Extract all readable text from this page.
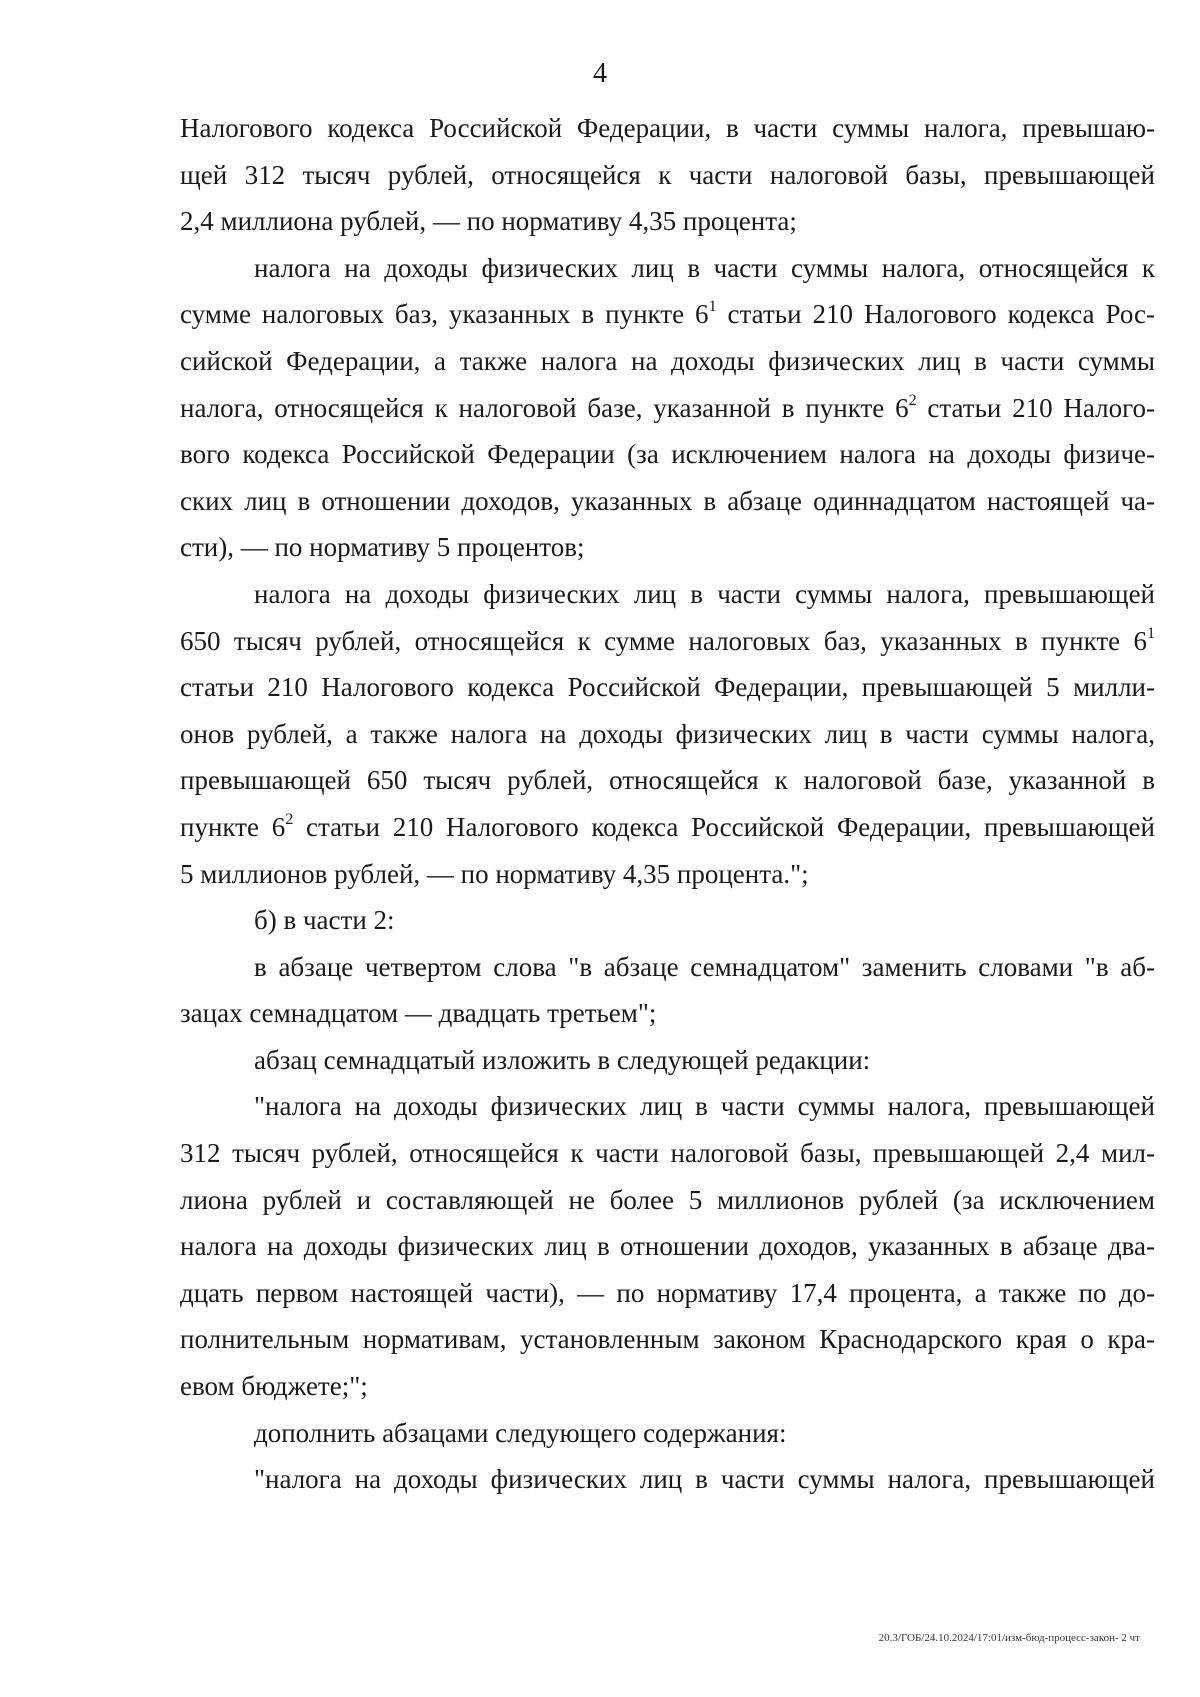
4

Налогового кодекса Российской Федерации, в части суммы налога, превышаю-
щей 312 тысяч рублей, относящейся к части налоговой базы, превышающей
2,4 миллиона рублей, — по нормативу 4,35 процента;

налога на доходы физических лиц в части суммы налога, относящейся к
сумме налоговых баз, указанных в пункте $6^1$ статьи 210 Налогового кодекса Рос-
сийской Федерации, а также налога на доходы физических лиц в части суммы
налога, относящейся к налоговой базе, указанной в пункте $6^2$ статьи 210 Налого-
вого кодекса Российской Федерации (за исключением налога на доходы физиче-
ских лиц в отношении доходов, указанных в абзаце одиннадцатом настоящей ча-
сти), — по нормативу 5 процентов;

налога на доходы физических лиц в части суммы налога, превышающей
650 тысяч рублей, относящейся к сумме налоговых баз, указанных в пункте $6^1$
статьи 210 Налогового кодекса Российской Федерации, превышающей 5 милли-
онов рублей, а также налога на доходы физических лиц в части суммы налога,
превышающей 650 тысяч рублей, относящейся к налоговой базе, указанной в
пункте $6^2$ статьи 210 Налогового кодекса Российской Федерации, превышающей
5 миллионов рублей, — по нормативу 4,35 процента.";

б) в части 2:

в абзаце четвертом слова "в абзаце семнадцатом" заменить словами "в аб-
зацах семнадцатом — двадцать третьем";

абзац семнадцатый изложить в следующей редакции:

"налога на доходы физических лиц в части суммы налога, превышающей
312 тысяч рублей, относящейся к части налоговой базы, превышающей 2,4 мил-
лиона рублей и составляющей не более 5 миллионов рублей (за исключением
налога на доходы физических лиц в отношении доходов, указанных в абзаце два-
дцать первом настоящей части), — по нормативу 17,4 процента, а также по до-
полнительным нормативам, установленным законом Краснодарского края о кра-
евом бюджете;";

дополнить абзацами следующего содержания:

"налога на доходы физических лиц в части суммы налога, превышающей

20.3/ГОБ/24.10.2024/17:01/изм-бюд-процесс-закон- 2 чт
